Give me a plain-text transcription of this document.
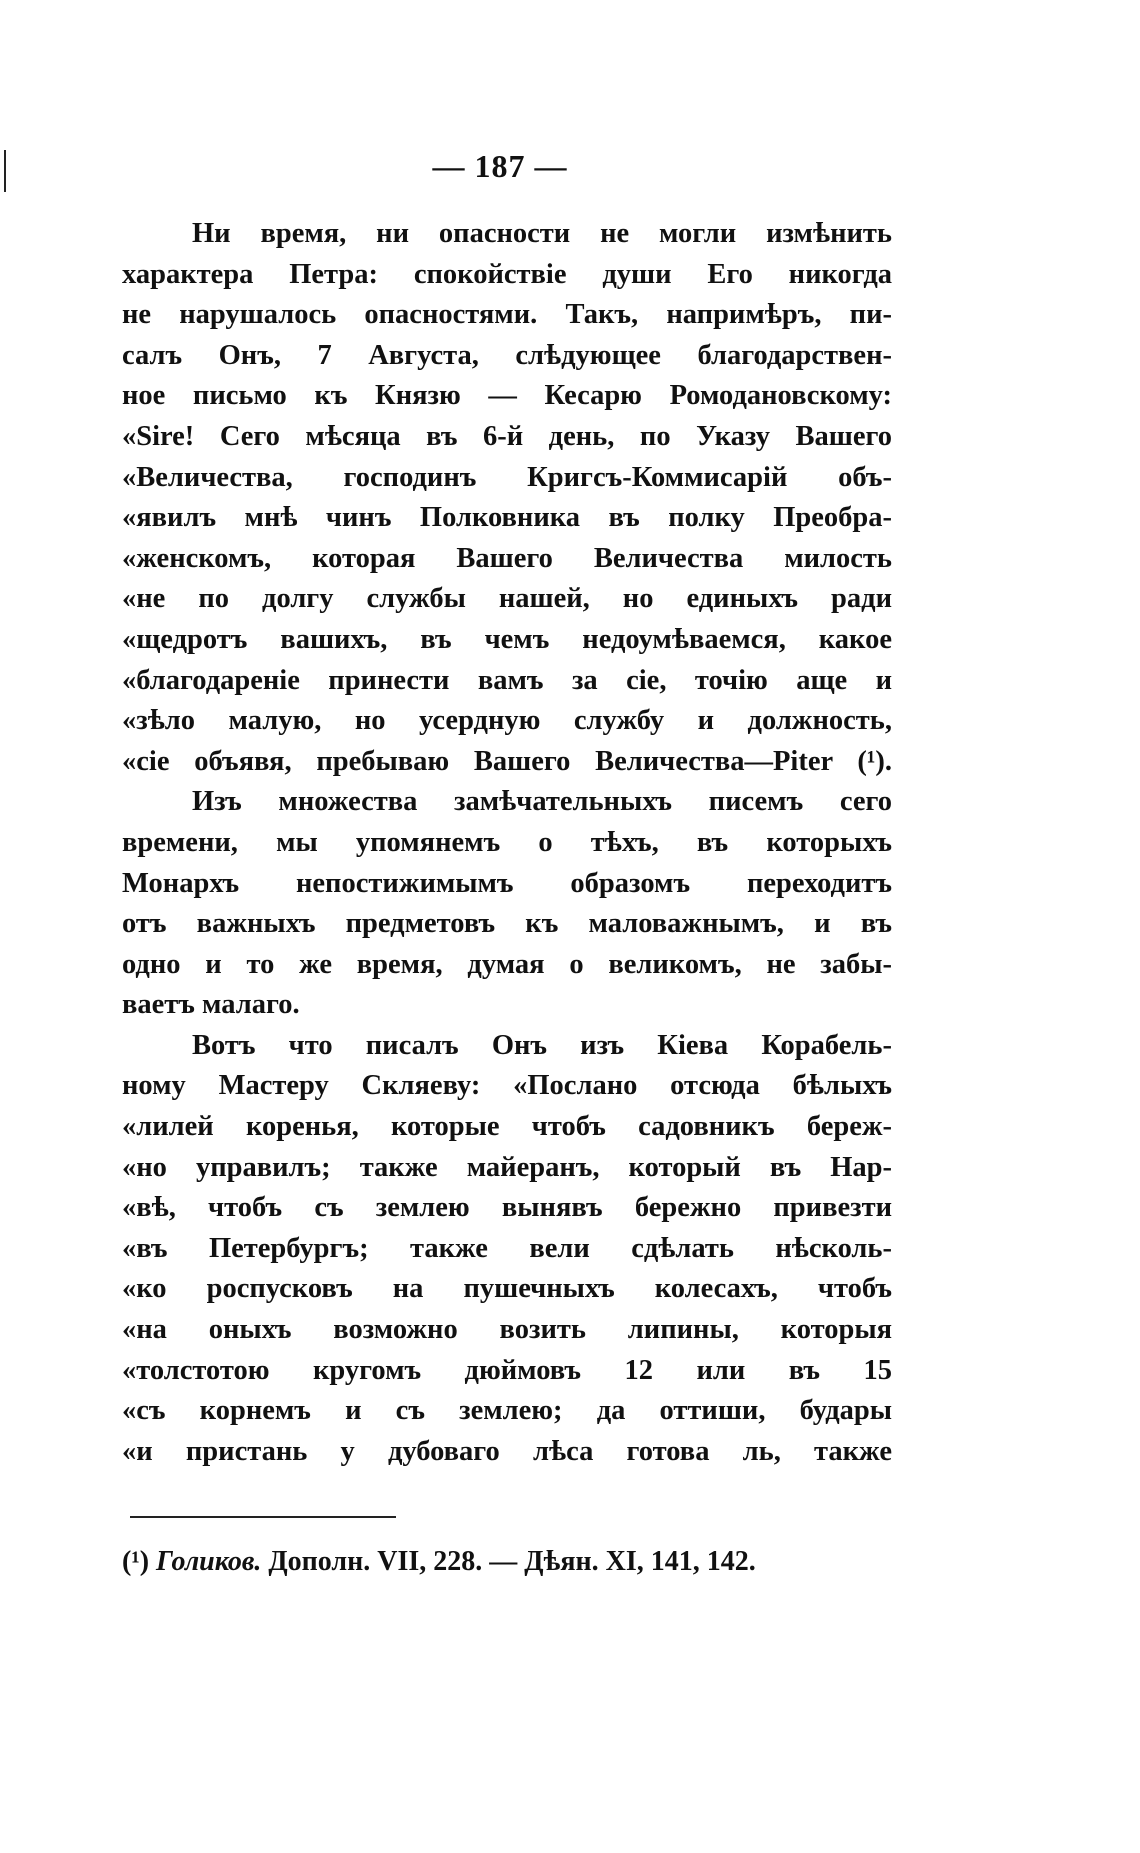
— 187 —
Ни время, ни опасности не могли измѣнить
характера Петра: спокойствіе души Его никогда
не нарушалось опасностями. Такъ, напримѣръ, пи-
салъ Онъ, 7 Августа, слѣдующее благодарствен-
ное письмо къ Князю — Кесарю Ромодановскому:
«Sire! Сего мѣсяца въ 6-й день, по Указу Вашего
«Величества, господинъ Кригсъ-Коммисарій объ-
«явилъ мнѣ чинъ Полковника въ полку Преобра-
«женскомъ, которая Вашего Величества милость
«не по долгу службы нашей, но единыхъ ради
«щедротъ вашихъ, въ чемъ недоумѣваемся, какое
«благодареніе принести вамъ за сіе, точію аще и
«зѣло малую, но усердную службу и должность,
«сіе объявя, пребываю Вашего Величества—Piter (¹).
Изъ множества замѣчательныхъ писемъ сего
времени, мы упомянемъ о тѣхъ, въ которыхъ
Монархъ непостижимымъ образомъ переходитъ
отъ важныхъ предметовъ къ маловажнымъ, и въ
одно и то же время, думая о великомъ, не забы-
ваетъ малаго.
Вотъ что писалъ Онъ изъ Кіева Корабель-
ному Мастеру Скляеву: «Послано отсюда бѣлыхъ
«лилей коренья, которые чтобъ садовникъ береж-
«но управилъ; также майеранъ, который въ Нар-
«вѣ, чтобъ съ землею вынявъ бережно привезти
«въ Петербургъ; также вели сдѣлать нѣсколь-
«ко роспусковъ на пушечныхъ колесахъ, чтобъ
«на оныхъ возможно возить липины, которыя
«толстотою кругомъ дюймовъ 12 или въ 15
«съ корнемъ и съ землею; да оттиши, будары
«и пристань у дубоваго лѣса готова ль, также
(¹) Голиков. Дополн. VII, 228. — Дѣян. XI, 141, 142.
